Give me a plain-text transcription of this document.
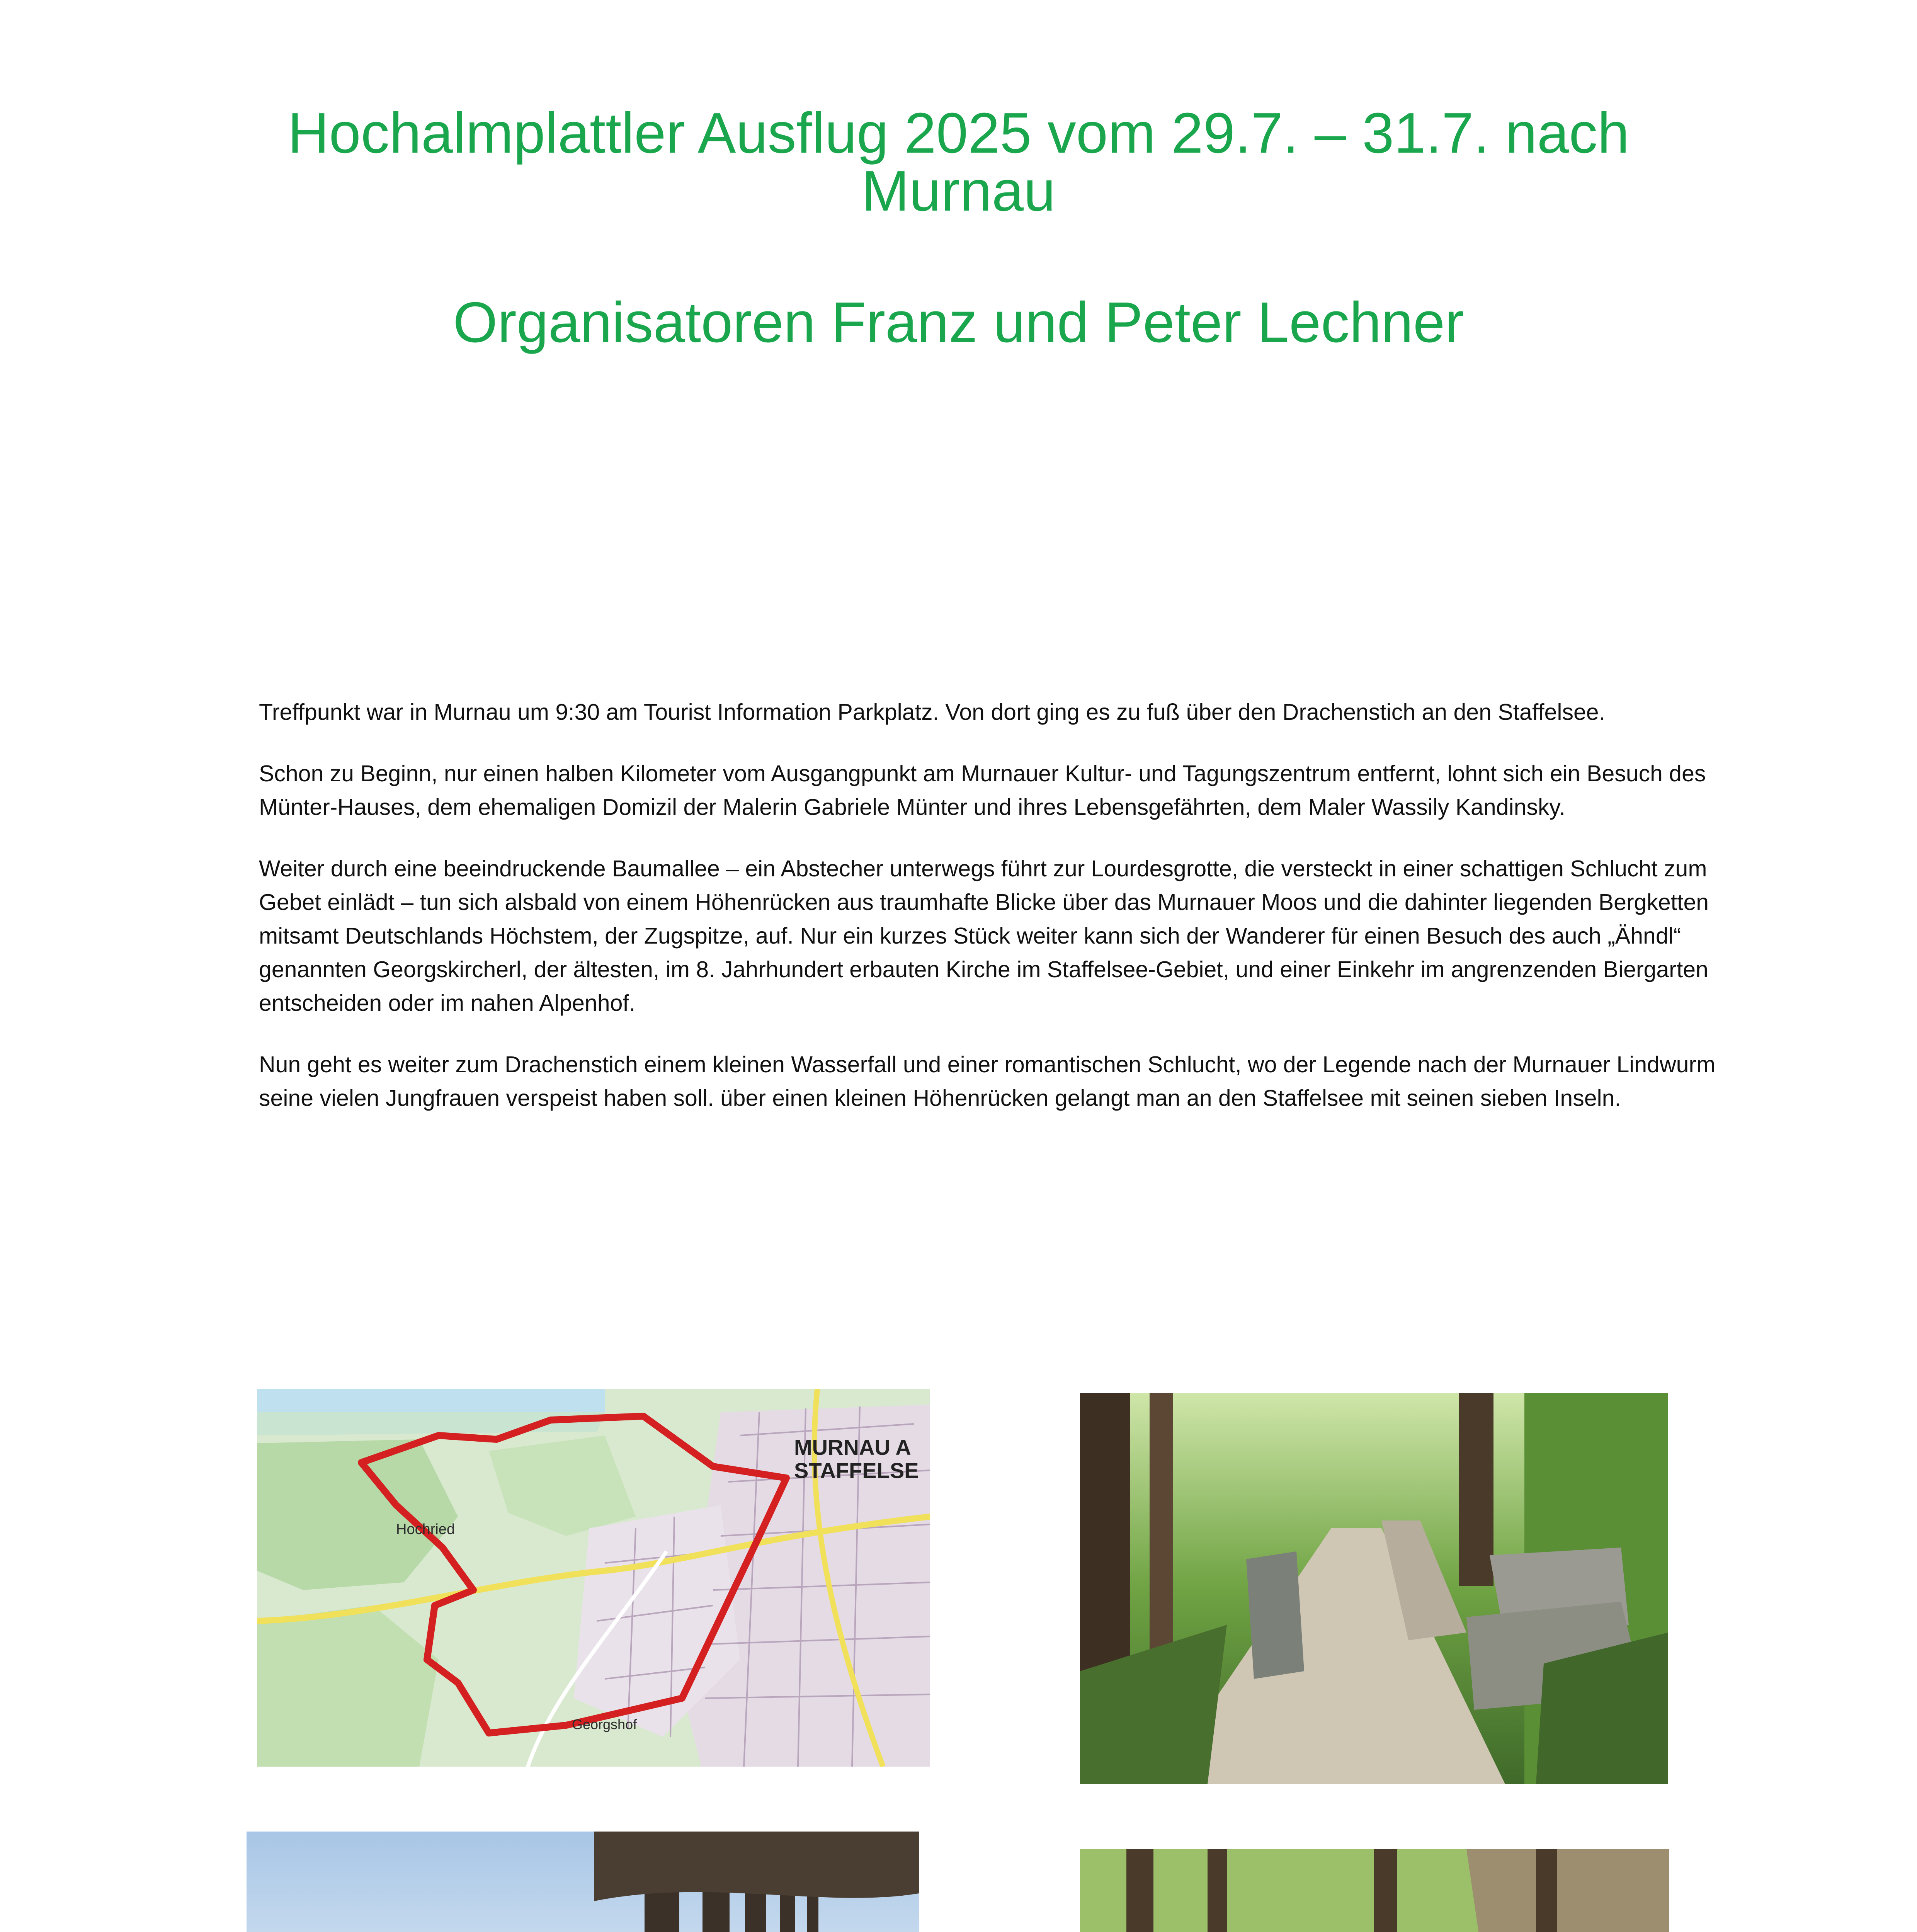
Hochalmplattler Ausflug 2025 vom 29.7. – 31.7. nach
Murnau
Organisatoren Franz und Peter Lechner

Treffpunkt war in Murnau um 9:30 am Tourist Information Parkplatz. Von dort ging es zu fuß über den Drachenstich an den Staffelsee.

Schon zu Beginn, nur einen halben Kilometer vom Ausgangpunkt am Murnauer Kultur- und Tagungszentrum entfernt, lohnt sich ein Besuch des Münter-Hauses, dem ehemaligen Domizil der Malerin Gabriele Münter und ihres Lebensgefährten, dem Maler Wassily Kandinsky.

Weiter durch eine beeindruckende Baumallee – ein Abstecher unterwegs führt zur Lourdesgrotte, die versteckt in einer schattigen Schlucht zum Gebet einlädt – tun sich alsbald von einem Höhenrücken aus traumhafte Blicke über das Murnauer Moos und die dahinter liegenden Bergketten mitsamt Deutschlands Höchstem, der Zugspitze, auf. Nur ein kurzes Stück weiter kann sich der Wanderer für einen Besuch des auch „Ähndl“ genannten Georgskircherl, der ältesten, im 8. Jahrhundert erbauten Kirche im Staffelsee-Gebiet, und einer Einkehr im angrenzenden Biergarten entscheiden oder im nahen Alpenhof.

Nun geht es weiter zum Drachenstich einem kleinen Wasserfall und einer romantischen Schlucht, wo der Legende nach der Murnauer Lindwurm seine vielen Jungfrauen verspeist haben soll. über einen kleinen Höhenrücken gelangt man an den Staffelsee mit seinen sieben Inseln.

MURNAU A
STAFFELSE
Hochried
Georgshof
